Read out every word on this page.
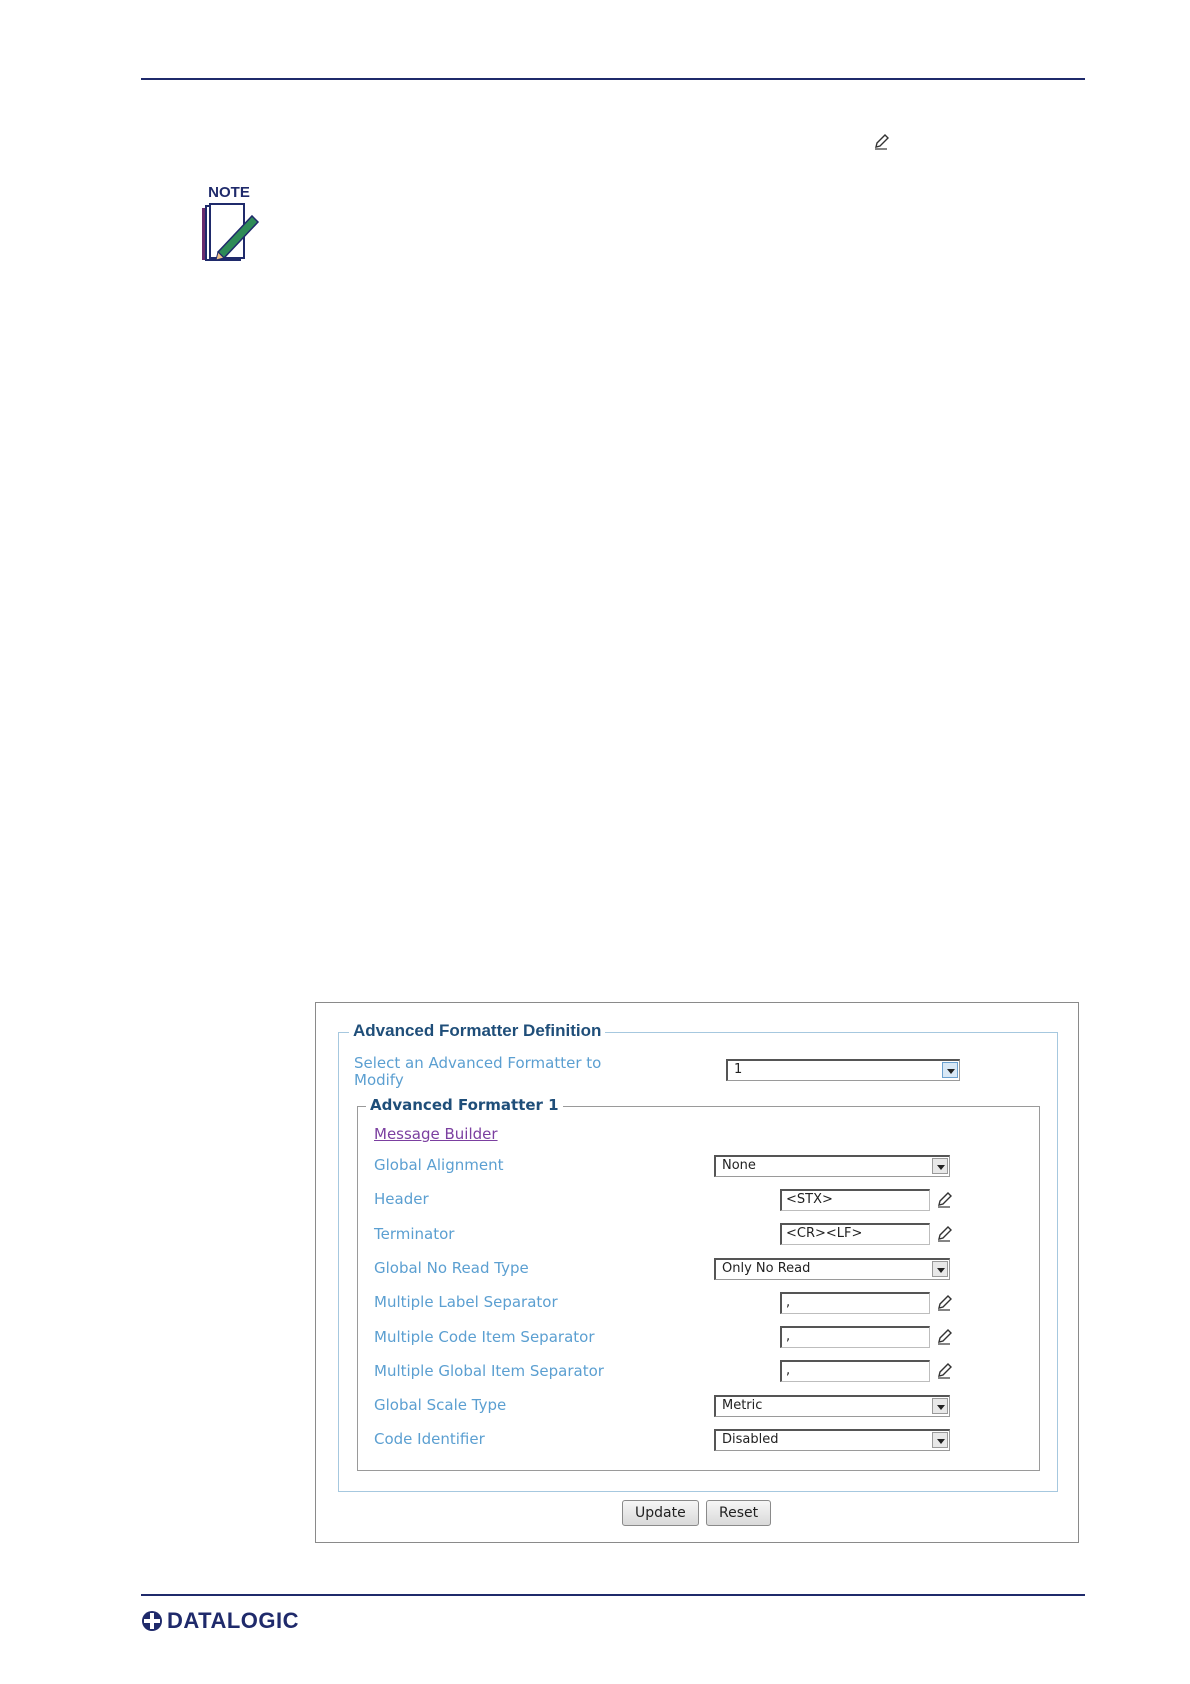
NOTE
Advanced Formatter Definition
Select an Advanced Formatter to Modify
1
Advanced Formatter 1
Message Builder
Global Alignment	None
Header	<STX>
Terminator	<CR><LF>
Global No Read Type	Only No Read
Multiple Label Separator	,
Multiple Code Item Separator	,
Multiple Global Item Separator	,
Global Scale Type	Metric
Code Identifier	Disabled
Update	Reset
DATALOGIC
